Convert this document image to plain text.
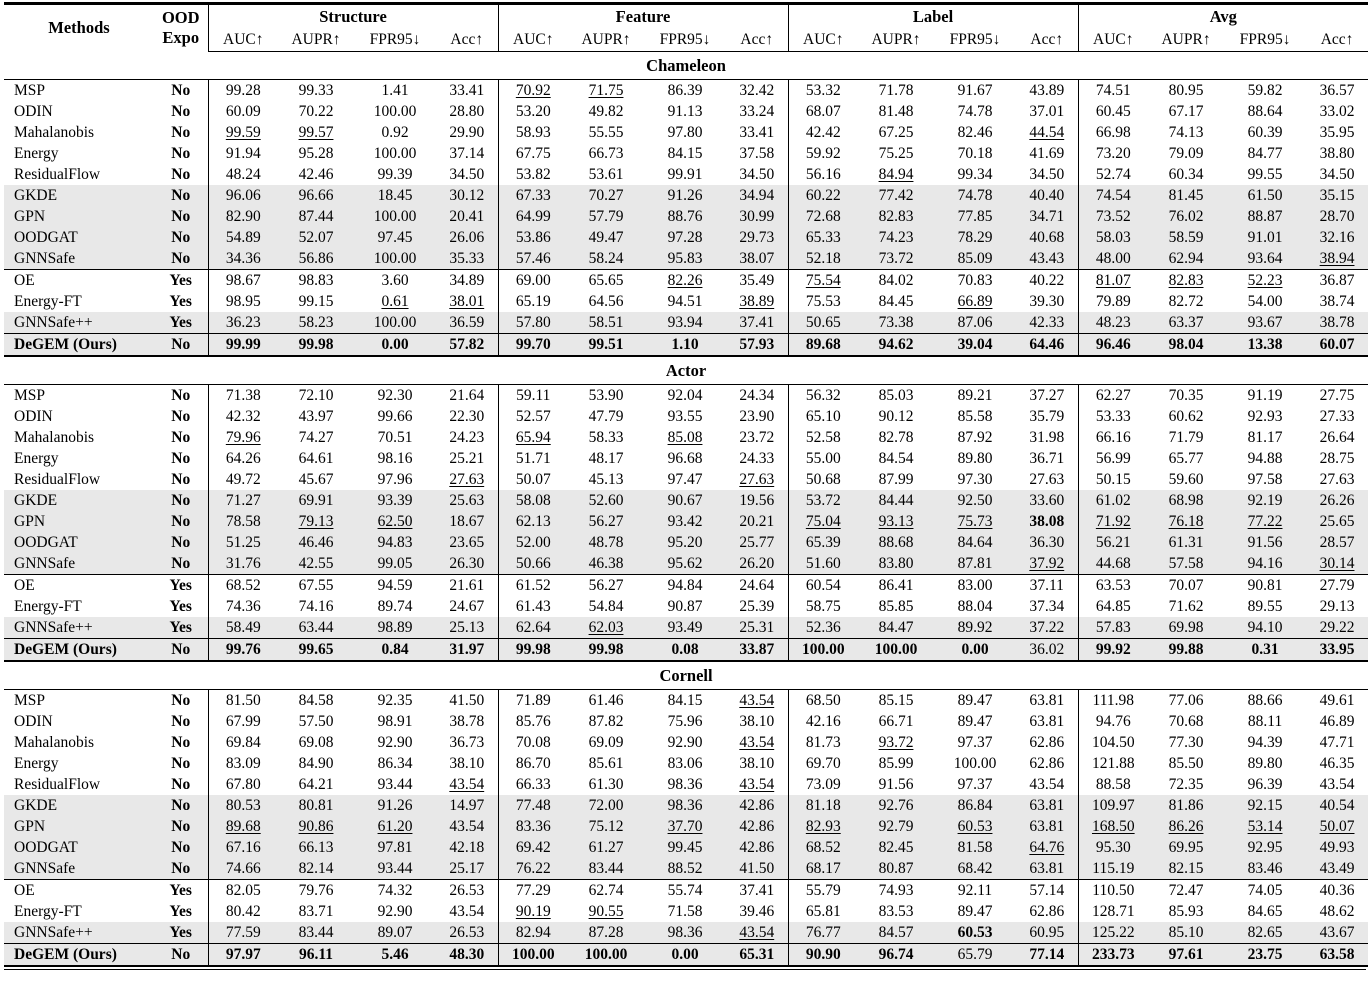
Methods	OOD
Expo	Structure				Feature				Label				Avg			
		AUC↑	AUPR↑	FPR95↓	Acc↑	AUC↑	AUPR↑	FPR95↓	Acc↑	AUC↑	AUPR↑	FPR95↓	Acc↑	AUC↑	AUPR↑	FPR95↓	Acc↑
Chameleon																	
MSP	No	99.28	99.33	1.41	33.41	70.92	71.75	86.39	32.42	53.32	71.78	91.67	43.89	74.51	80.95	59.82	36.57
ODIN	No	60.09	70.22	100.00	28.80	53.20	49.82	91.13	33.24	68.07	81.48	74.78	37.01	60.45	67.17	88.64	33.02
Mahalanobis	No	99.59	99.57	0.92	29.90	58.93	55.55	97.80	33.41	42.42	67.25	82.46	44.54	66.98	74.13	60.39	35.95
Energy	No	91.94	95.28	100.00	37.14	67.75	66.73	84.15	37.58	59.92	75.25	70.18	41.69	73.20	79.09	84.77	38.80
ResidualFlow	No	48.24	42.46	99.39	34.50	53.82	53.61	99.91	34.50	56.16	84.94	99.34	34.50	52.74	60.34	99.55	34.50
GKDE	No	96.06	96.66	18.45	30.12	67.33	70.27	91.26	34.94	60.22	77.42	74.78	40.40	74.54	81.45	61.50	35.15
GPN	No	82.90	87.44	100.00	20.41	64.99	57.79	88.76	30.99	72.68	82.83	77.85	34.71	73.52	76.02	88.87	28.70
OODGAT	No	54.89	52.07	97.45	26.06	53.86	49.47	97.28	29.73	65.33	74.23	78.29	40.68	58.03	58.59	91.01	32.16
GNNSafe	No	34.36	56.86	100.00	35.33	57.46	58.24	95.83	38.07	52.18	73.72	85.09	43.43	48.00	62.94	93.64	38.94
OE	Yes	98.67	98.83	3.60	34.89	69.00	65.65	82.26	35.49	75.54	84.02	70.83	40.22	81.07	82.83	52.23	36.87
Energy-FT	Yes	98.95	99.15	0.61	38.01	65.19	64.56	94.51	38.89	75.53	84.45	66.89	39.30	79.89	82.72	54.00	38.74
GNNSafe++	Yes	36.23	58.23	100.00	36.59	57.80	58.51	93.94	37.41	50.65	73.38	87.06	42.33	48.23	63.37	93.67	38.78
DeGEM (Ours)	No	99.99	99.98	0.00	57.82	99.70	99.51	1.10	57.93	89.68	94.62	39.04	64.46	96.46	98.04	13.38	60.07
Actor																	
MSP	No	71.38	72.10	92.30	21.64	59.11	53.90	92.04	24.34	56.32	85.03	89.21	37.27	62.27	70.35	91.19	27.75
ODIN	No	42.32	43.97	99.66	22.30	52.57	47.79	93.55	23.90	65.10	90.12	85.58	35.79	53.33	60.62	92.93	27.33
Mahalanobis	No	79.96	74.27	70.51	24.23	65.94	58.33	85.08	23.72	52.58	82.78	87.92	31.98	66.16	71.79	81.17	26.64
Energy	No	64.26	64.61	98.16	25.21	51.71	48.17	96.68	24.33	55.00	84.54	89.80	36.71	56.99	65.77	94.88	28.75
ResidualFlow	No	49.72	45.67	97.96	27.63	50.07	45.13	97.47	27.63	50.68	87.99	97.30	27.63	50.15	59.60	97.58	27.63
GKDE	No	71.27	69.91	93.39	25.63	58.08	52.60	90.67	19.56	53.72	84.44	92.50	33.60	61.02	68.98	92.19	26.26
GPN	No	78.58	79.13	62.50	18.67	62.13	56.27	93.42	20.21	75.04	93.13	75.73	38.08	71.92	76.18	77.22	25.65
OODGAT	No	51.25	46.46	94.83	23.65	52.00	48.78	95.20	25.77	65.39	88.68	84.64	36.30	56.21	61.31	91.56	28.57
GNNSafe	No	31.76	42.55	99.05	26.30	50.66	46.38	95.62	26.20	51.60	83.80	87.81	37.92	44.68	57.58	94.16	30.14
OE	Yes	68.52	67.55	94.59	21.61	61.52	56.27	94.84	24.64	60.54	86.41	83.00	37.11	63.53	70.07	90.81	27.79
Energy-FT	Yes	74.36	74.16	89.74	24.67	61.43	54.84	90.87	25.39	58.75	85.85	88.04	37.34	64.85	71.62	89.55	29.13
GNNSafe++	Yes	58.49	63.44	98.89	25.13	62.64	62.03	93.49	25.31	52.36	84.47	89.92	37.22	57.83	69.98	94.10	29.22
DeGEM (Ours)	No	99.76	99.65	0.84	31.97	99.98	99.98	0.08	33.87	100.00	100.00	0.00	36.02	99.92	99.88	0.31	33.95
Cornell																	
MSP	No	81.50	84.58	92.35	41.50	71.89	61.46	84.15	43.54	68.50	85.15	89.47	63.81	111.98	77.06	88.66	49.61
ODIN	No	67.99	57.50	98.91	38.78	85.76	87.82	75.96	38.10	42.16	66.71	89.47	63.81	94.76	70.68	88.11	46.89
Mahalanobis	No	69.84	69.08	92.90	36.73	70.08	69.09	92.90	43.54	81.73	93.72	97.37	62.86	104.50	77.30	94.39	47.71
Energy	No	83.09	84.90	86.34	38.10	86.70	85.61	83.06	38.10	69.70	85.99	100.00	62.86	121.88	85.50	89.80	46.35
ResidualFlow	No	67.80	64.21	93.44	43.54	66.33	61.30	98.36	43.54	73.09	91.56	97.37	43.54	88.58	72.35	96.39	43.54
GKDE	No	80.53	80.81	91.26	14.97	77.48	72.00	98.36	42.86	81.18	92.76	86.84	63.81	109.97	81.86	92.15	40.54
GPN	No	89.68	90.86	61.20	43.54	83.36	75.12	37.70	42.86	82.93	92.79	60.53	63.81	168.50	86.26	53.14	50.07
OODGAT	No	67.16	66.13	97.81	42.18	69.42	61.27	99.45	42.86	68.52	82.45	81.58	64.76	95.30	69.95	92.95	49.93
GNNSafe	No	74.66	82.14	93.44	25.17	76.22	83.44	88.52	41.50	68.17	80.87	68.42	63.81	115.19	82.15	83.46	43.49
OE	Yes	82.05	79.76	74.32	26.53	77.29	62.74	55.74	37.41	55.79	74.93	92.11	57.14	110.50	72.47	74.05	40.36
Energy-FT	Yes	80.42	83.71	92.90	43.54	90.19	90.55	71.58	39.46	65.81	83.53	89.47	62.86	128.71	85.93	84.65	48.62
GNNSafe++	Yes	77.59	83.44	89.07	26.53	82.94	87.28	98.36	43.54	76.77	84.57	60.53	60.95	125.22	85.10	82.65	43.67
DeGEM (Ours)	No	97.97	96.11	5.46	48.30	100.00	100.00	0.00	65.31	90.90	96.74	65.79	77.14	233.73	97.61	23.75	63.58
